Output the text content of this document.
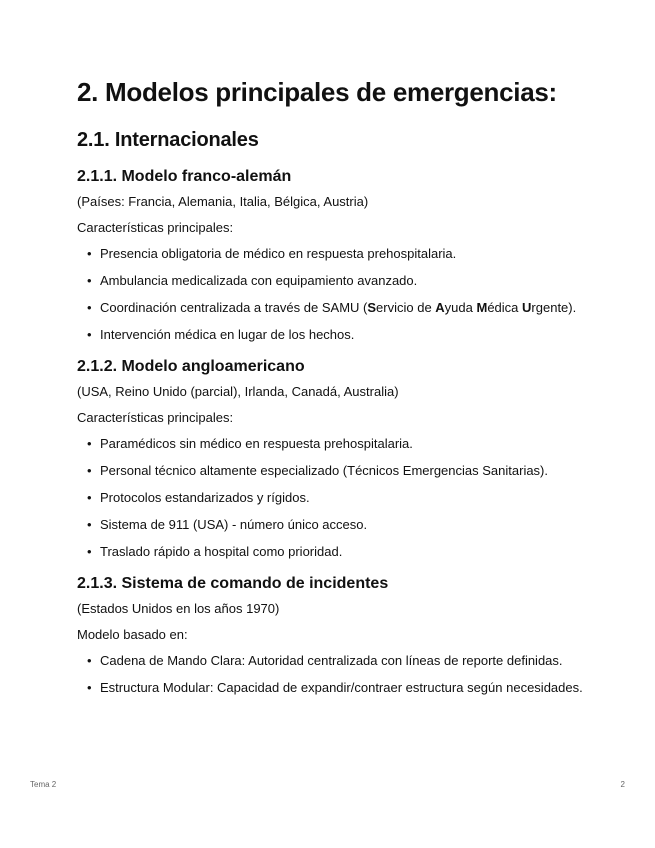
2. Modelos principales de emergencias:
2.1. Internacionales
2.1.1. Modelo franco-alemán

(Países: Francia, Alemania, Italia, Bélgica, Austria)

Características principales:

• Presencia obligatoria de médico en respuesta prehospitalaria.
• Ambulancia medicalizada con equipamiento avanzado.
• Coordinación centralizada a través de SAMU (Servicio de Ayuda Médica Urgente).
• Intervención médica en lugar de los hechos.
2.1.2. Modelo angloamericano

(USA, Reino Unido (parcial), Irlanda, Canadá, Australia)

Características principales:

• Paramédicos sin médico en respuesta prehospitalaria.
• Personal técnico altamente especializado (Técnicos Emergencias Sanitarias).
• Protocolos estandarizados y rígidos.
• Sistema de 911 (USA) - número único acceso.
• Traslado rápido a hospital como prioridad.
2.1.3. Sistema de comando de incidentes

(Estados Unidos en los años 1970)

Modelo basado en:

• Cadena de Mando Clara: Autoridad centralizada con líneas de reporte definidas.
• Estructura Modular: Capacidad de expandir/contraer estructura según necesidades.
Tema 2	2
